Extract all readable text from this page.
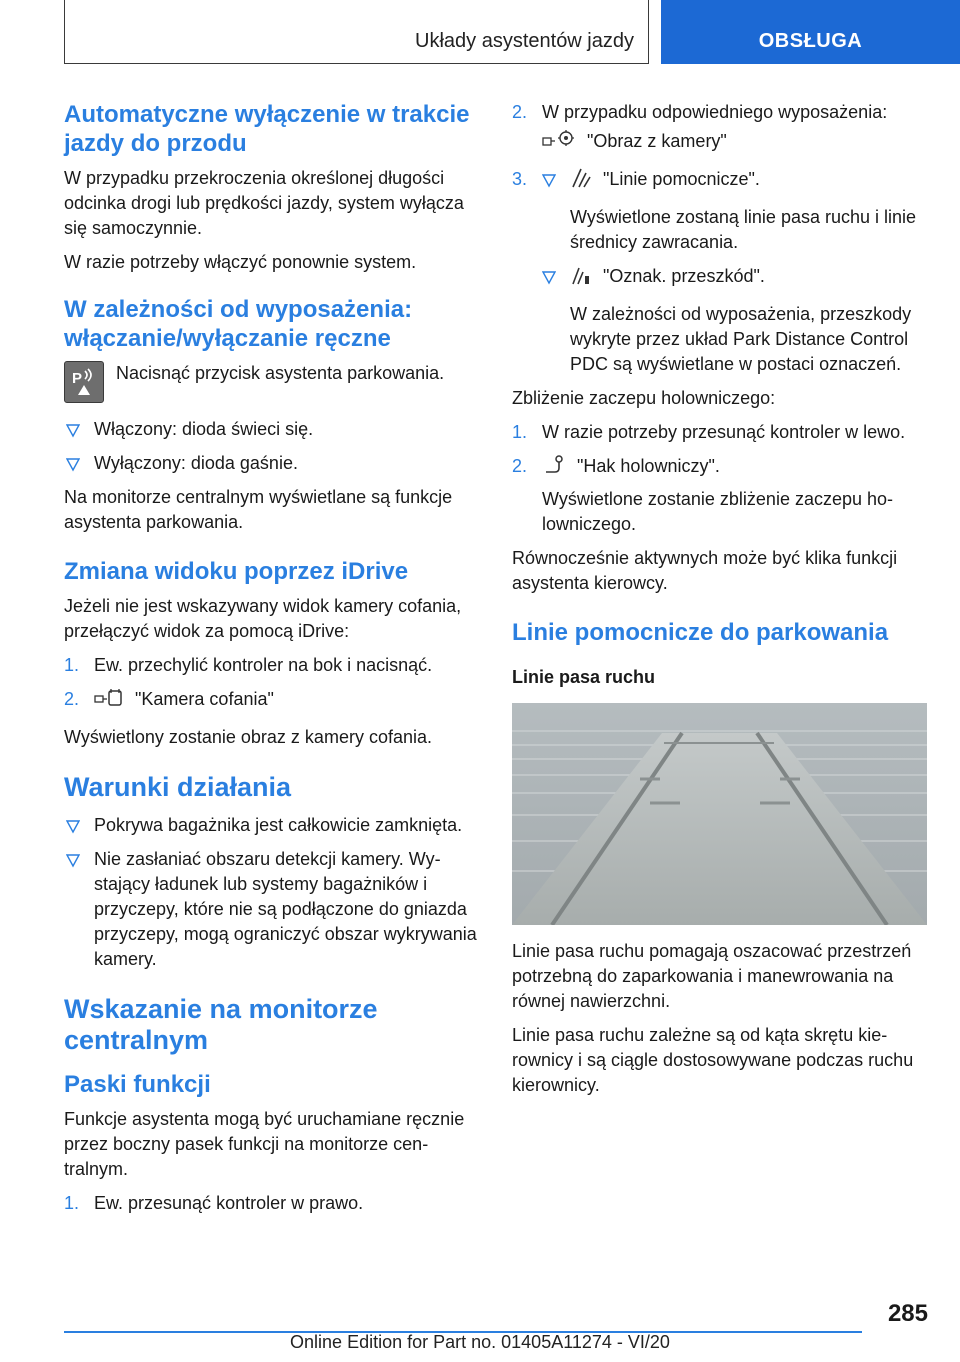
Układy asystentów jazdy	OBSŁUGA
Automatyczne wyłączenie w trakcie jazdy do przodu

W przypadku przekroczenia określonej długości odcinka drogi lub prędkości jazdy, system wyłącza się samoczynnie.

W razie potrzeby włączyć ponownie system.

W zależności od wyposażenia: włączanie/wyłączanie ręczne
P Nacisnąć przycisk asystenta parkowania.
Włączony: dioda świeci się.
Wyłączony: dioda gaśnie.

Na monitorze centralnym wyświetlane są funkcje asystenta parkowania.

Zmiana widoku poprzez iDrive

Jeżeli nie jest wskazywany widok kamery cofania, przełączyć widok za pomocą iDrive:

1. Ew. przechylić kontroler na bok i nacisnąć.
2.	"Kamera cofania"

Wyświetlony zostanie obraz z kamery cofania.

Warunki działania
Pokrywa bagażnika jest całkowicie zamknięta.
Nie zasłaniać obszaru detekcji kamery. Wystający ładunek lub systemy bagażników i przyczepy, które nie są podłączone do gniazda przyczepy, mogą ograniczyć obszar wykrywania kamery.
Wskazanie na monitorze centralnym
Paski funkcji

Funkcje asystenta mogą być uruchamiane ręcznie przez boczny pasek funkcji na monitorze centralnym.

1. Ew. przesunąć kontroler w prawo.
2. W przypadku odpowiedniego wyposażenia:
"Obraz z kamery"
3.	"Linie pomocnicze".
Wyświetlone zostaną linie pasa ruchu i linie średnicy zawracania.
"Oznak. przeszkód".
W zależności od wyposażenia, przeszkody wykryte przez układ Park Distance Control PDC są wyświetlane w postaci oznaczeń.

Zbliżenie zaczepu holowniczego:

1. W razie potrzeby przesunąć kontroler w lewo.
2.	"Hak holowniczy".
Wyświetlone zostanie zbliżenie zaczepu holowniczego.

Równocześnie aktywnych może być klika funkcji asystenta kierowcy.

Linie pomocnicze do parkowania
Linie pasa ruchu

Linie pasa ruchu pomagają oszacować przestrzeń potrzebną do zaparkowania i manewrowania na równej nawierzchni.

Linie pasa ruchu zależne są od kąta skrętu kierownicy i są ciągle dostosowywane podczas ruchu kierownicy.

285
Online Edition for Part no. 01405A11274 - VI/20
